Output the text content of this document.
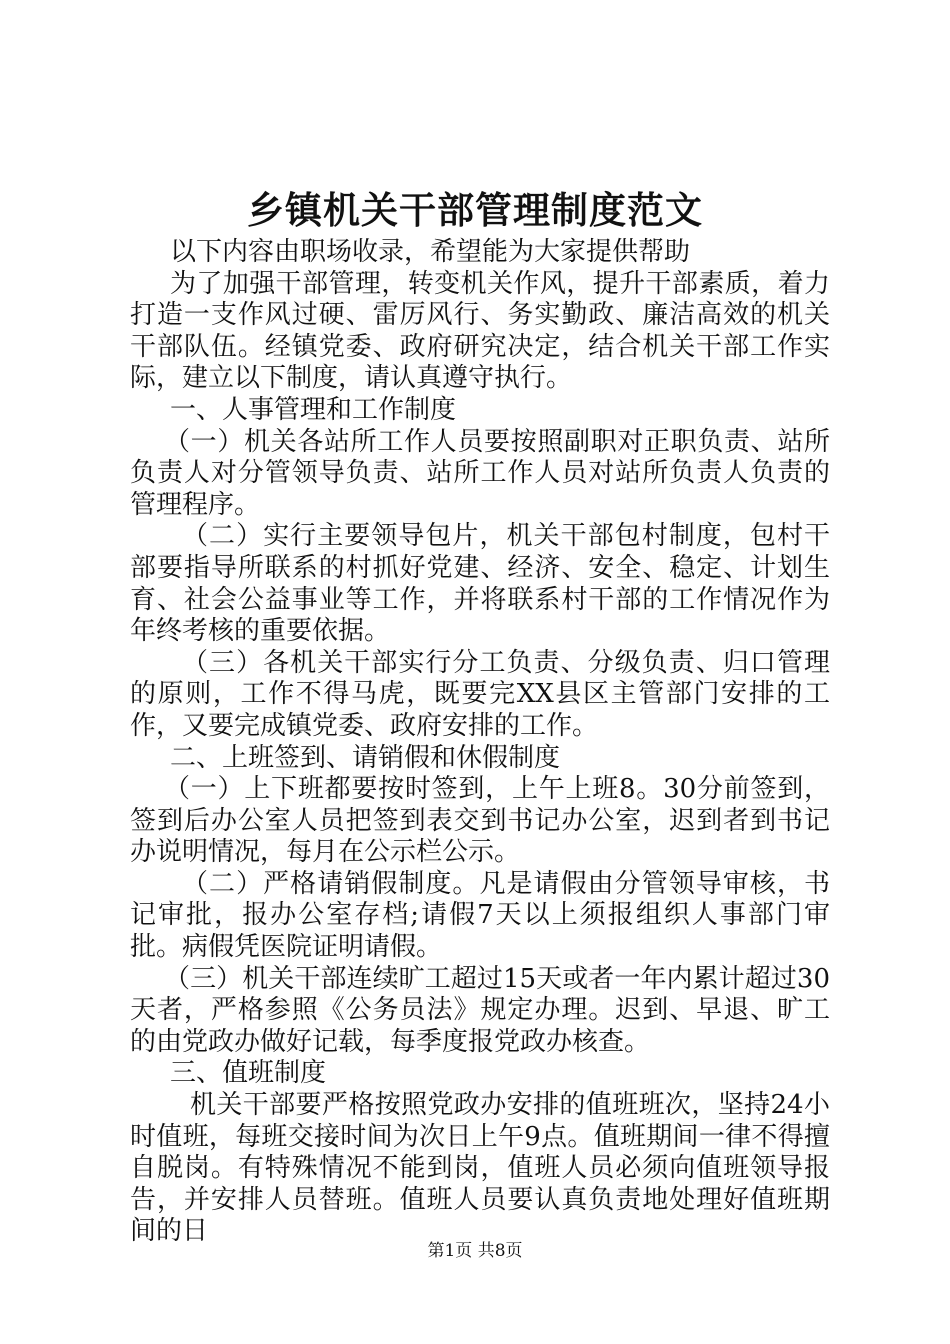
乡镇机关干部管理制度范文

以下内容由职场收录，希望能为大家提供帮助

为了加强干部管理，转变机关作风，提升干部素质，着力打造一支作风过硬、雷厉风行、务实勤政、廉洁高效的机关干部队伍。经镇党委、政府研究决定，结合机关干部工作实际，建立以下制度，请认真遵守执行。

一、人事管理和工作制度

（一）机关各站所工作人员要按照副职对正职负责、站所负责人对分管领导负责、站所工作人员对站所负责人负责的管理程序。

（二）实行主要领导包片，机关干部包村制度，包村干部要指导所联系的村抓好党建、经济、安全、稳定、计划生育、社会公益事业等工作，并将联系村干部的工作情况作为年终考核的重要依据。

（三）各机关干部实行分工负责、分级负责、归口管理的原则，工作不得马虎，既要完XX县区主管部门安排的工作，又要完成镇党委、政府安排的工作。

二、上班签到、请销假和休假制度

（一）上下班都要按时签到，上午上班8。30分前签到，签到后办公室人员把签到表交到书记办公室，迟到者到书记办说明情况，每月在公示栏公示。

（二）严格请销假制度。凡是请假由分管领导审核，书记审批，报办公室存档;请假7天以上须报组织人事部门审批。病假凭医院证明请假。

（三）机关干部连续旷工超过15天或者一年内累计超过30天者，严格参照《公务员法》规定办理。迟到、早退、旷工的由党政办做好记载，每季度报党政办核查。

三、值班制度

机关干部要严格按照党政办安排的值班班次，坚持24小时值班，每班交接时间为次日上午9点。值班期间一律不得擅自脱岗。有特殊情况不能到岗，值班人员必须向值班领导报告，并安排人员替班。值班人员要认真负责地处理好值班期间的日

第1页 共8页
